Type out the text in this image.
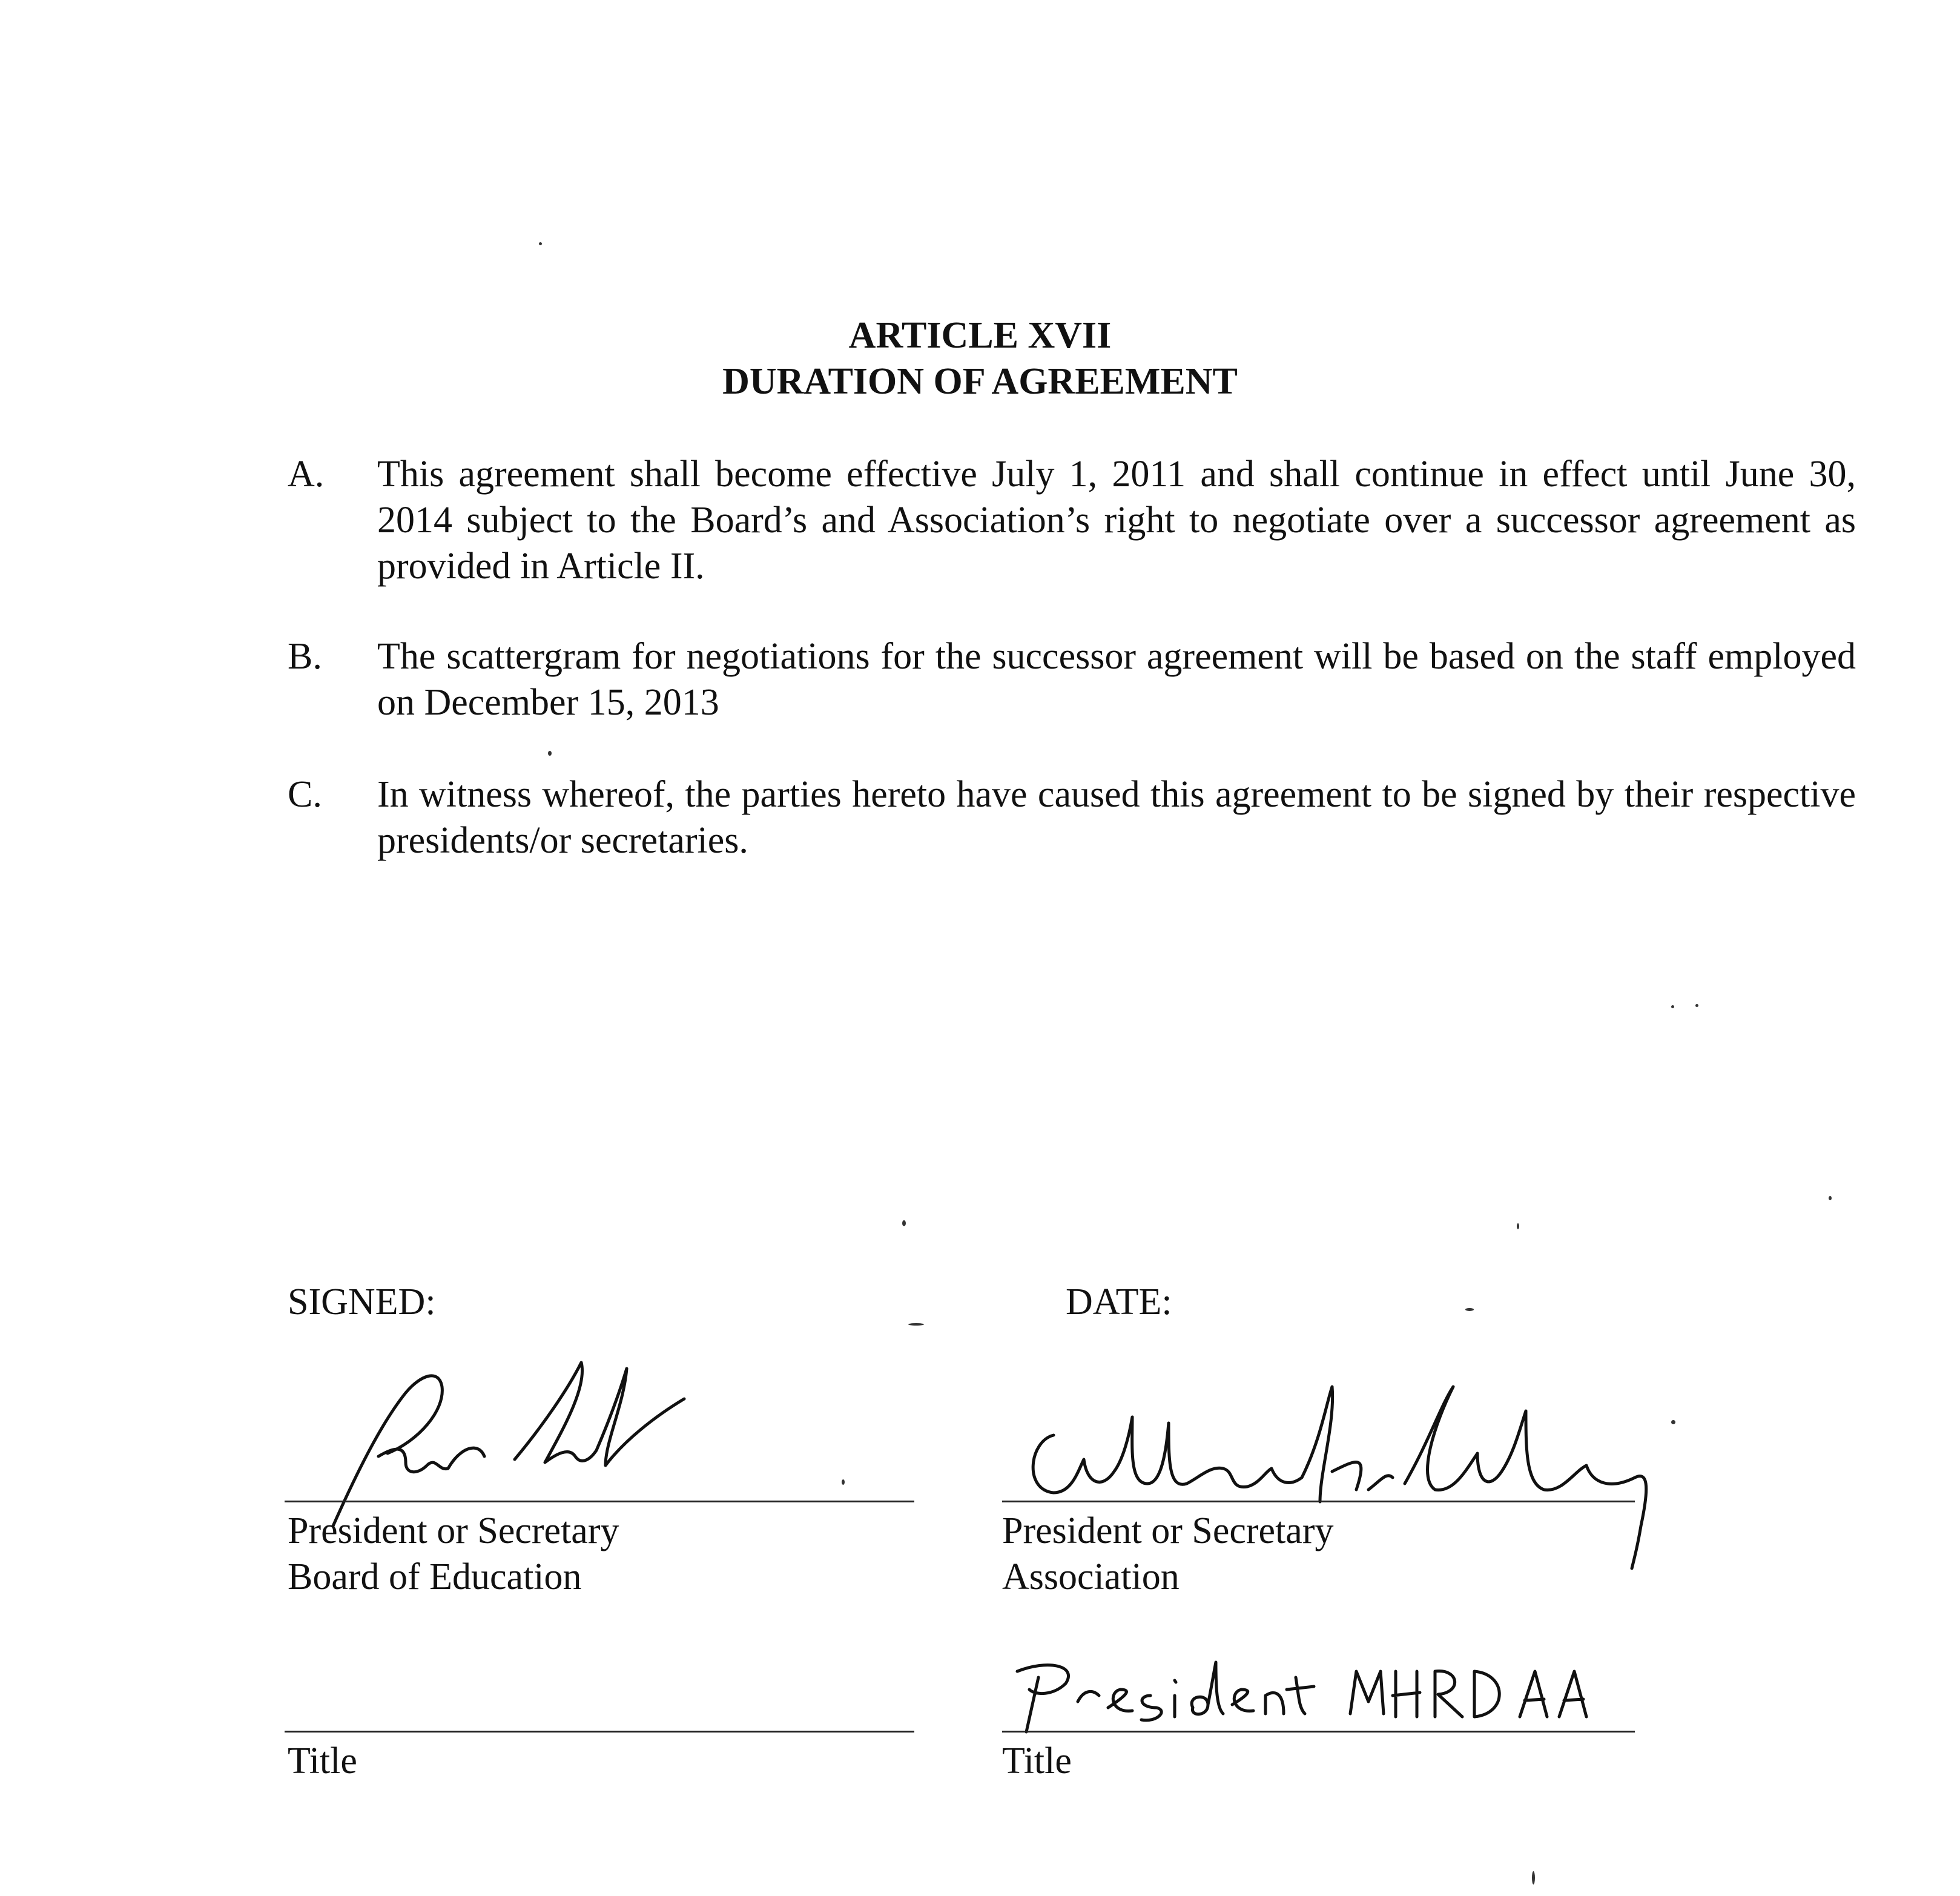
ARTICLE XVII
DURATION OF AGREEMENT
A. This agreement shall become effective July 1, 2011 and shall continue in effect until June 30, 2014 subject to the Board’s and Association’s right to negotiate over a successor agreement as provided in Article II.
B. The scattergram for negotiations for the successor agreement will be based on the staff employed on December 15, 2013
C. In witness whereof, the parties hereto have caused this agreement to be signed by their respective presidents/or secretaries.
SIGNED:	DATE:
President or Secretary
Board of Education
Title
President or Secretary
Association
Title
